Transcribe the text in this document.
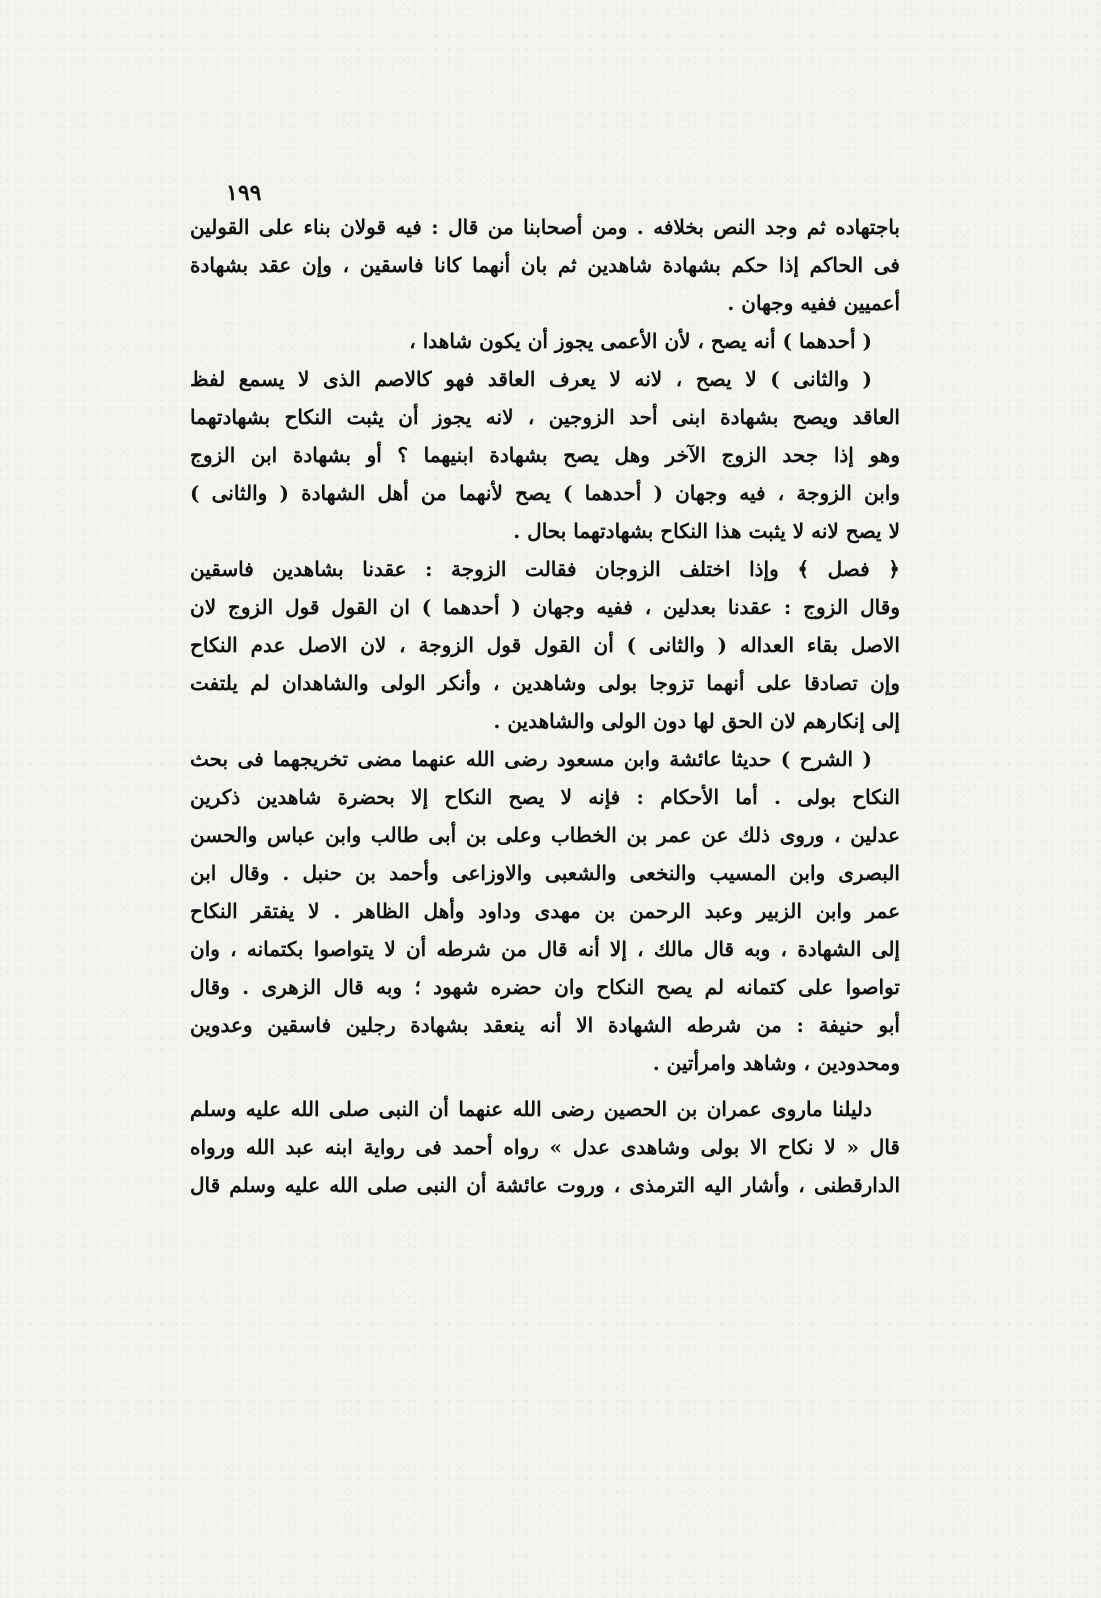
١٩٩
باجتهاده ثم وجد النص بخلافه . ومن أصحابنا من قال : فيه قولان بناء على القولين
فى الحاكم إذا حكم بشهادة شاهدين ثم بان أنهما كانا فاسقين ، وإن عقد بشهادة
أعميين ففيه وجهان .
( أحدهما ) أنه يصح ، لأن الأعمى يجوز أن يكون شاهدا ،
( والثانى ) لا يصح ، لانه لا يعرف العاقد فهو كالاصم الذى لا يسمع لفظ
العاقد ويصح بشهادة ابنى أحد الزوجين ، لانه يجوز أن يثبت النكاح بشهادتهما
وهو إذا جحد الزوج الآخر وهل يصح بشهادة ابنيهما ؟ أو بشهادة ابن الزوج
وابن الزوجة ، فيه وجهان ( أحدهما ) يصح لأنهما من أهل الشهادة ( والثانى )
لا يصح لانه لا يثبت هذا النكاح بشهادتهما بحال .
﴿ فصل ﴾ وإذا اختلف الزوجان فقالت الزوجة : عقدنا بشاهدين فاسقين
وقال الزوج : عقدنا بعدلين ، ففيه وجهان ( أحدهما ) ان القول قول الزوج لان
الاصل بقاء العداله ( والثانى ) أن القول قول الزوجة ، لان الاصل عدم النكاح
وإن تصادقا على أنهما تزوجا بولى وشاهدين ، وأنكر الولى والشاهدان لم يلتفت
إلى إنكارهم لان الحق لها دون الولى والشاهدين .
( الشرح ) حديثا عائشة وابن مسعود رضى الله عنهما مضى تخريجهما فى بحث
النكاح بولى . أما الأحكام : فإنه لا يصح النكاح إلا بحضرة شاهدين ذكرين
عدلين ، وروى ذلك عن عمر بن الخطاب وعلى بن أبى طالب وابن عباس والحسن
البصرى وابن المسيب والنخعى والشعبى والاوزاعى وأحمد بن حنبل . وقال ابن
عمر وابن الزبير وعبد الرحمن بن مهدى وداود وأهل الظاهر . لا يفتقر النكاح
إلى الشهادة ، وبه قال مالك ، إلا أنه قال من شرطه أن لا يتواصوا بكتمانه ، وان
تواصوا على كتمانه لم يصح النكاح وان حضره شهود ؛ وبه قال الزهرى . وقال
أبو حنيفة : من شرطه الشهادة الا أنه ينعقد بشهادة رجلين فاسقين وعدوين
ومحدودين ، وشاهد وامرأتين .
دليلنا ماروى عمران بن الحصين رضى الله عنهما أن النبى صلى الله عليه وسلم
قال « لا نكاح الا بولى وشاهدى عدل » رواه أحمد فى رواية ابنه عبد الله ورواه
الدارقطنى ، وأشار اليه الترمذى ، وروت عائشة أن النبى صلى الله عليه وسلم قال
